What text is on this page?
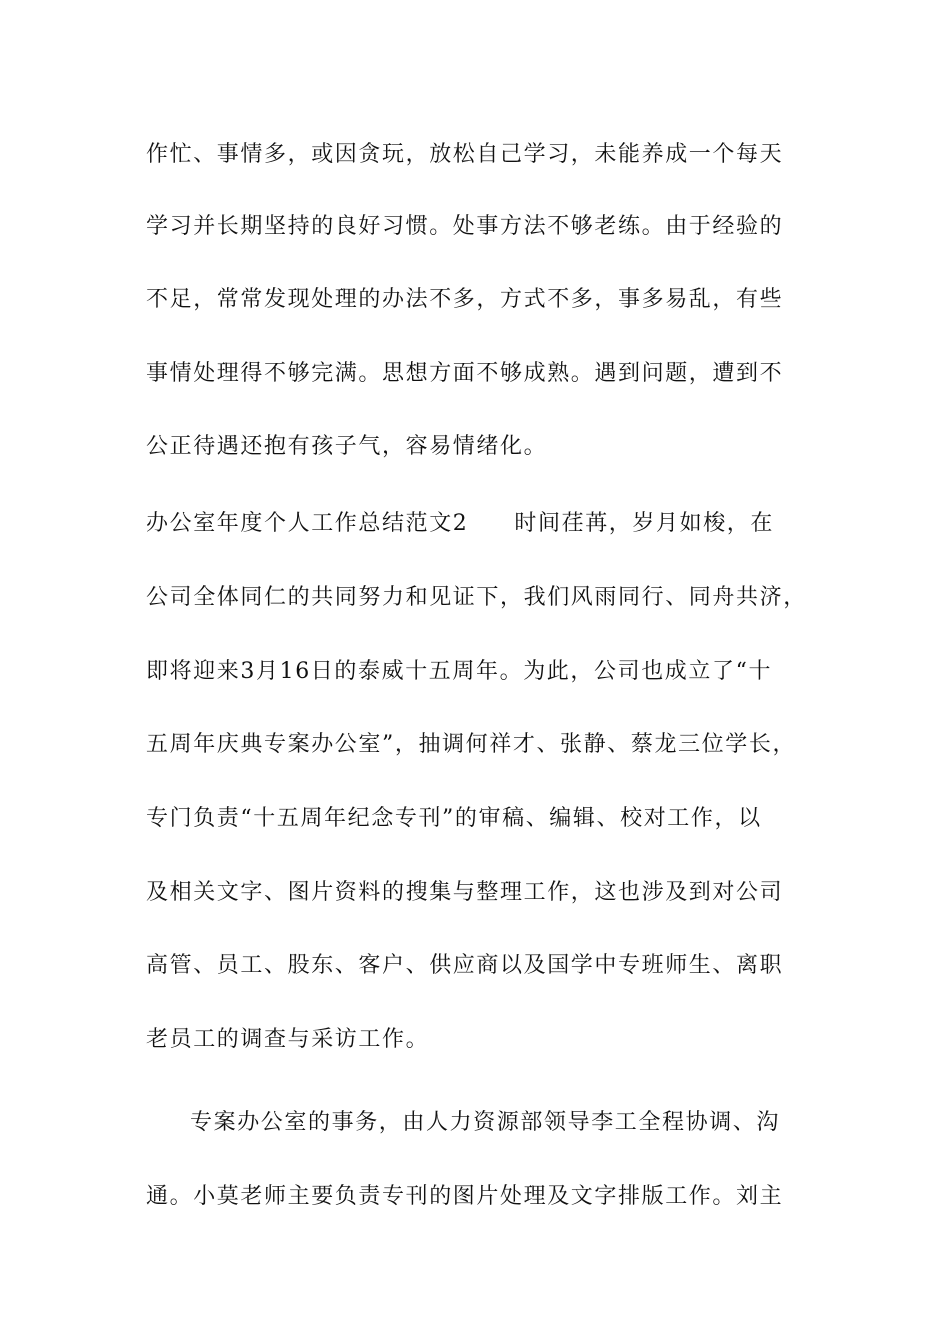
作忙、事情多，或因贪玩，放松自己学习，未能养成一个每天
学习并长期坚持的良好习惯。处事方法不够老练。由于经验的
不足，常常发现处理的办法不多，方式不多，事多易乱，有些
事情处理得不够完满。思想方面不够成熟。遇到问题，遭到不
公正待遇还抱有孩子气，容易情绪化。
办公室年度个人工作总结范文2 时间荏苒，岁月如梭，在
公司全体同仁的共同努力和见证下，我们风雨同行、同舟共济，
即将迎来3月16日的泰威十五周年。为此，公司也成立了“十
五周年庆典专案办公室”，抽调何祥才、张静、蔡龙三位学长，
专门负责“十五周年纪念专刊”的审稿、编辑、校对工作，以
及相关文字、图片资料的搜集与整理工作，这也涉及到对公司
高管、员工、股东、客户、供应商以及国学中专班师生、离职
老员工的调查与采访工作。
专案办公室的事务，由人力资源部领导李工全程协调、沟
通。小莫老师主要负责专刊的图片处理及文字排版工作。刘主
